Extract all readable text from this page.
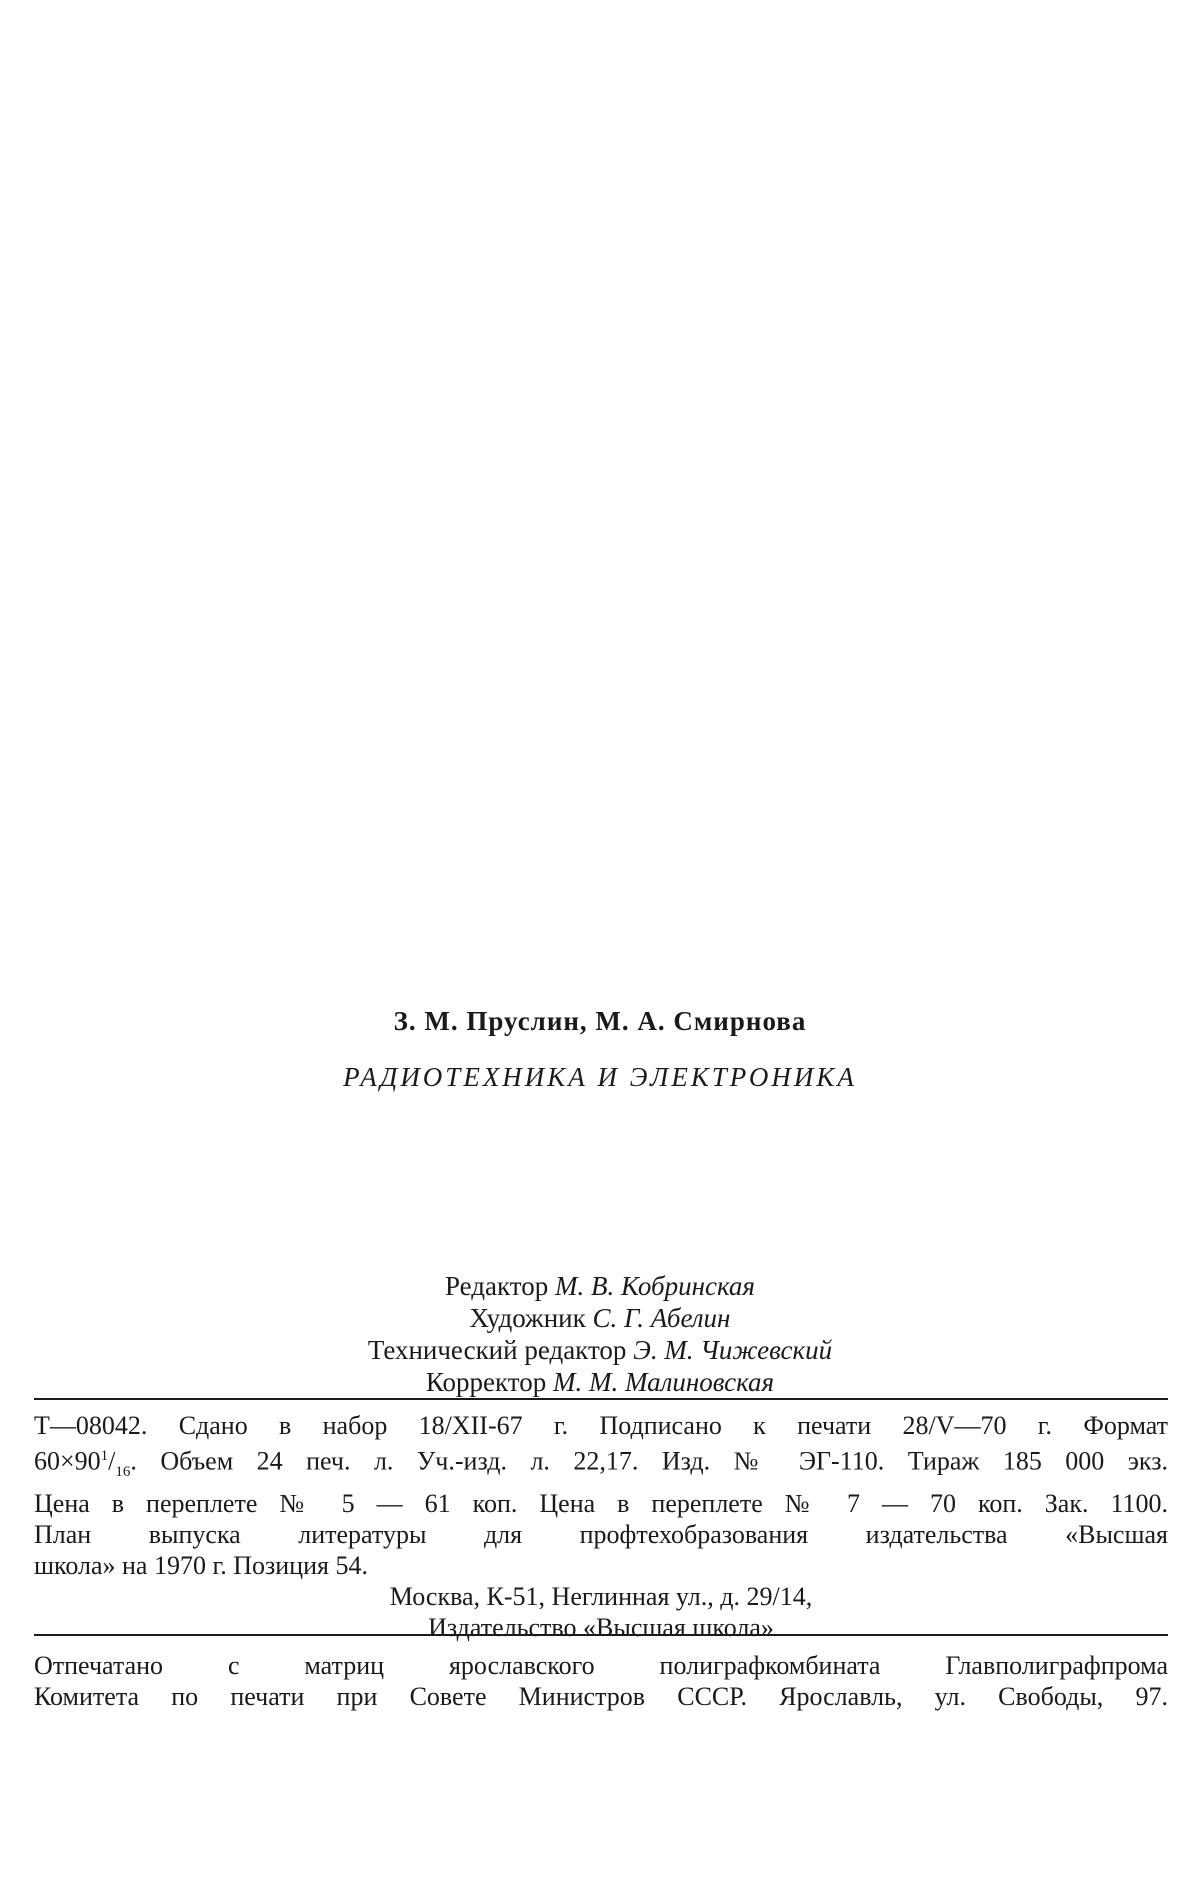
З. М. Пруслин, М. А. Смирнова
РАДИОТЕХНИКА И ЭЛЕКТРОНИКА
Редактор М. В. Кобринская
Художник С. Г. Абелин
Технический редактор Э. М. Чижевский
Корректор М. М. Малиновская
Т—08042. Сдано в набор 18/XII-67 г. Подписано к печати 28/V—70 г. Формат
$60\times 90^1/_{16}$. Объем 24 печ. л. Уч.-изд. л. 22,17. Изд. № ЭГ-110. Тираж 185 000 экз.
Цена в переплете № 5 — 61 коп. Цена в переплете № 7 — 70 коп. Зак. 1100.
План выпуска литературы для профтехобразования издательства «Высшая
школа» на 1970 г. Позиция 54.
Москва, К-51, Неглинная ул., д. 29/14,
Издательство «Высшая школа»
Отпечатано с матриц ярославского полиграфкомбината Главполиграфпрома
Комитета по печати при Совете Министров СССР. Ярославль, ул. Свободы, 97.
